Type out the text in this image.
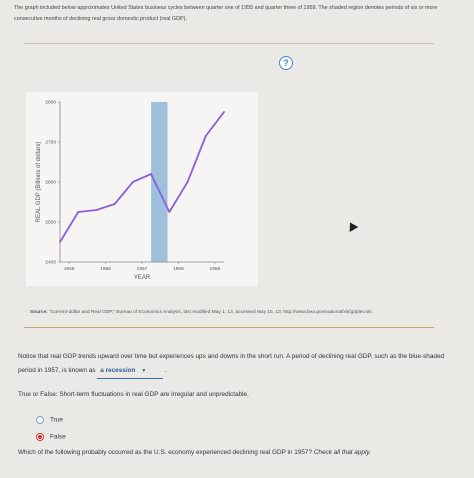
The graph included below approximates United States business cycles between quarter one of 1955 and quarter three of 1959. The shaded region denotes periods of six or more consecutive months of declining real gross domestic product (real GDP).
?
2400
2500
2600
2700
2800
1955	1956	1957	1958	1959
YEAR
REAL GDP (Billions of dollars)
Source: "Current-dollar and Real GDP," Bureau of Economics Analysis, last modified May 1, 13, accessed May 15, 13, http://www.bea.gov/national/xls/gdplev.xls.
Notice that real GDP trends upward over time but experiences ups and downs in the short run. A period of declining real GDP, such as the blue-shaded period in 1957, is known as a recession ▼	.
True or False: Short-term fluctuations in real GDP are irregular and unpredictable.
True
False
Which of the following probably occurred as the U.S. economy experienced declining real GDP in 1957? Check all that apply.
